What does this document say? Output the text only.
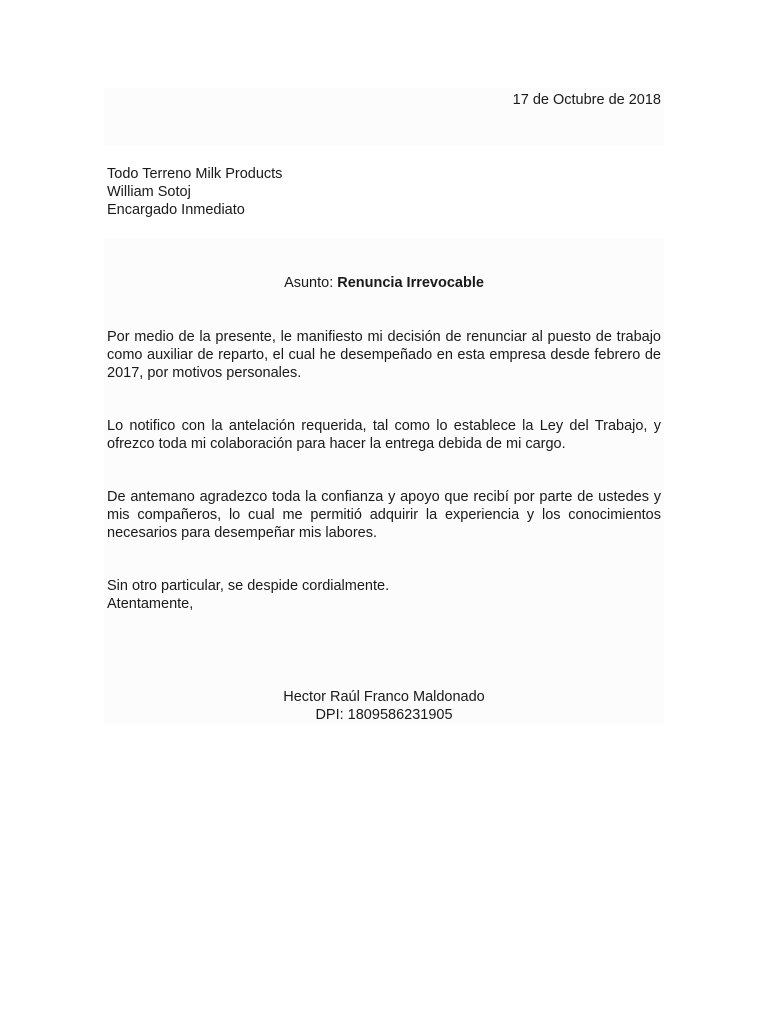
17 de Octubre de 2018
Todo Terreno Milk Products
William Sotoj
Encargado Inmediato
Asunto: Renuncia Irrevocable
Por medio de la presente, le manifiesto mi decisión de renunciar al puesto de trabajo como auxiliar de reparto, el cual he desempeñado en esta empresa desde febrero de 2017, por motivos personales.
Lo notifico con la antelación requerida, tal como lo establece la Ley del Trabajo, y ofrezco toda mi colaboración para hacer la entrega debida de mi cargo.
De antemano agradezco toda la confianza y apoyo que recibí por parte de ustedes y mis compañeros, lo cual me permitió adquirir la experiencia y los conocimientos necesarios para desempeñar mis labores.
Sin otro particular, se despide cordialmente.
Atentamente,
Hector Raúl Franco Maldonado
DPI: 1809586231905
